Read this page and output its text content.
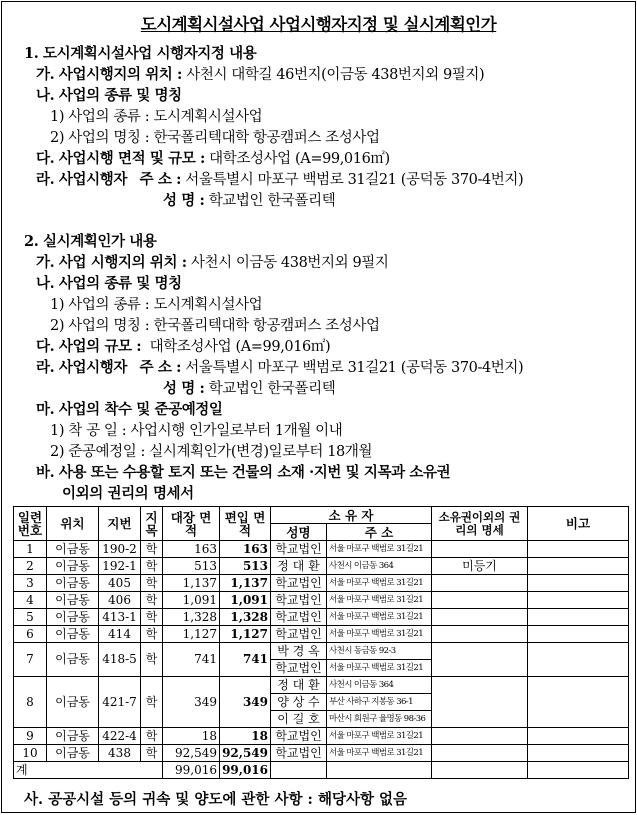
도시계획시설사업 사업시행자지정 및 실시계획인가
1. 도시계획시설사업 시행자지정 내용
가. 사업시행지의 위치 : 사천시 대학길 46번지(이금동 438번지외 9필지)
나. 사업의 종류 및 명칭
1) 사업의 종류 : 도시계획시설사업
2) 사업의 명칭 : 한국폴리텍대학 항공캠퍼스 조성사업
다. 사업시행 면적 및 규모 : 대학조성사업 (A=99,016㎡)
라. 사업시행자 주 소 : 서울특별시 마포구 백범로 31길21 (공덕동 370-4번지)
성 명 : 학교법인 한국폴리텍
2. 실시계획인가 내용
가. 사업 시행지의 위치 : 사천시 이금동 438번지외 9필지
나. 사업의 종류 및 명칭
1) 사업의 종류 : 도시계획시설사업
2) 사업의 명칭 : 한국폴리텍대학 항공캠퍼스 조성사업
다. 사업의 규모 : 대학조성사업 (A=99,016㎡)
라. 사업시행자 주 소 : 서울특별시 마포구 백범로 31길21 (공덕동 370-4번지)
성 명 : 학교법인 한국폴리텍
마. 사업의 착수 및 준공예정일
1) 착 공 일 : 사업시행 인가일로부터 1개월 이내
2) 준공예정일 : 실시계획인가(변경)일로부터 18개월
바. 사용 또는 수용할 토지 또는 건물의 소재 ·지번 및 지목과 소유권
이외의 권리의 명세서
일련 번호	위치	지번	지 목	대장 면적	편입 면적	소 유 자		소유권이외의 권리의 명세	비고
						성명	주 소		
1	이금동	190-2	학	163	163	학교법인	서울 마포구 백범로 31길21		
2	이금동	192-1	학	513	513	정 대 환	사천시 이금동 364	미등기	
3	이금동	405	학	1,137	1,137	학교법인	서울 마포구 백범로 31길21		
4	이금동	406	학	1,091	1,091	학교법인	서울 마포구 백범로 31길21		
5	이금동	413-1	학	1,328	1,328	학교법인	서울 마포구 백범로 31길21		
6	이금동	414	학	1,127	1,127	학교법인	서울 마포구 백범로 31길21		
7	이금동	418-5	학	741	741	박 경 옥	사천시 동금동 92-3		
						학교법인	서울 마포구 백범로 31길21		
8	이금동	421-7	학	349	349	정 대 환	사천시 이금동 364		
						양 상 수	부산 사하구 지봉동 36-1		
						이 길 호	마산시 회원구 율명동 98-36		
9	이금동	422-4	학	18	18	학교법인	서울 마포구 백범로 31길21		
10	이금동	438	학	92,549	92,549	학교법인	서울 마포구 백범로 31길21		
계				99,016	99,016				
사. 공공시설 등의 귀속 및 양도에 관한 사항 : 해당사항 없음
